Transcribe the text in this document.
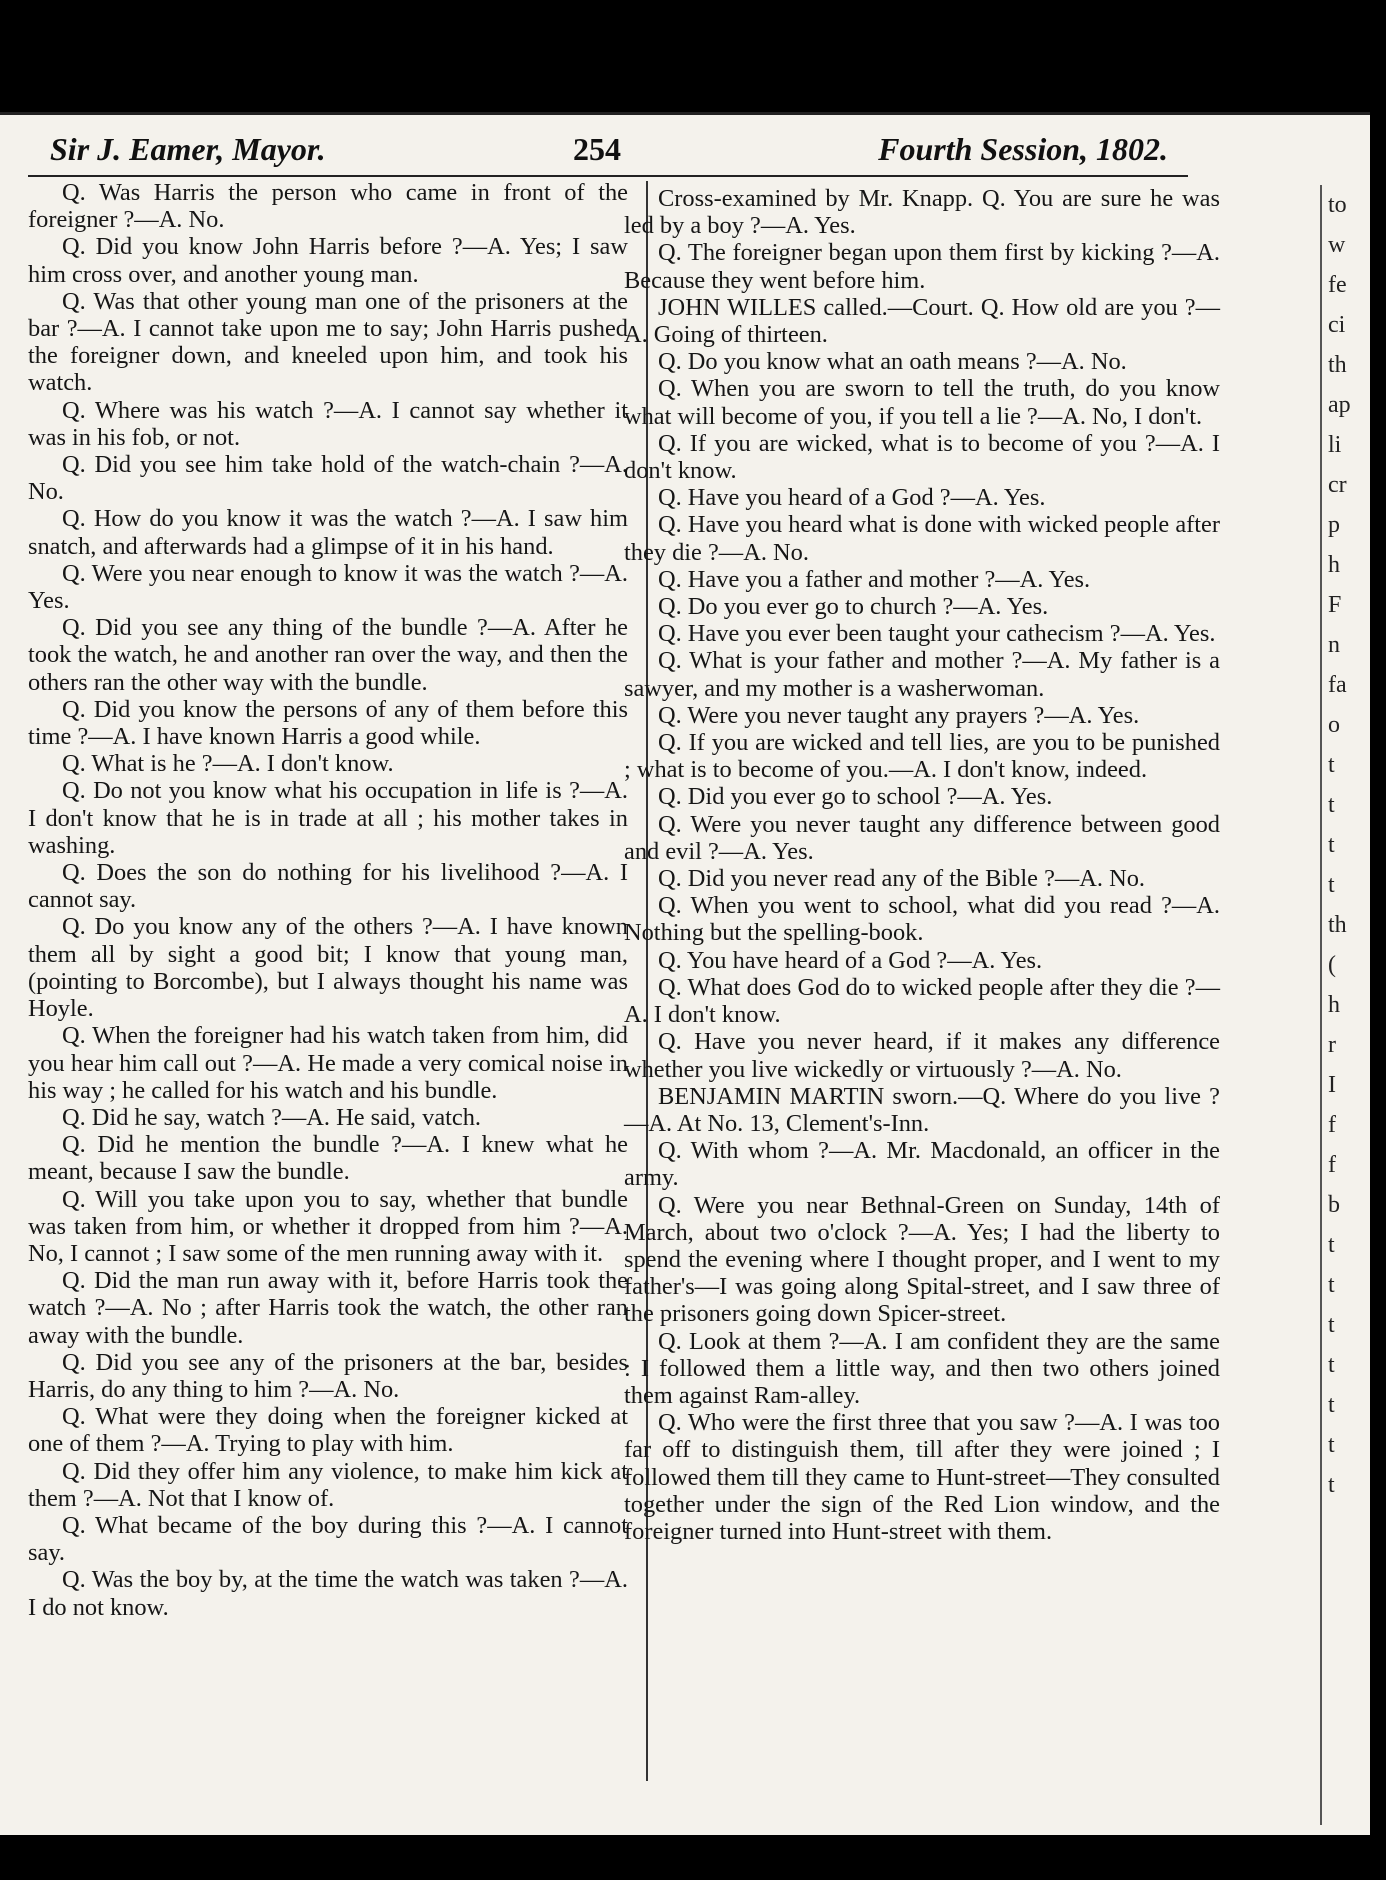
Sir J. Eamer, Mayor.	254	Fourth Session, 1802.

Q. Was Harris the person who came in front of the foreigner ?—A. No.

Q. Did you know John Harris before ?—A. Yes; I saw him cross over, and another young man.

Q. Was that other young man one of the prisoners at the bar ?—A. I cannot take upon me to say; John Harris pushed the foreigner down, and kneeled upon him, and took his watch.

Q. Where was his watch ?—A. I cannot say whether it was in his fob, or not.

Q. Did you see him take hold of the watch-chain ?—A. No.

Q. How do you know it was the watch ?—A. I saw him snatch, and afterwards had a glimpse of it in his hand.

Q. Were you near enough to know it was the watch ?—A. Yes.

Q. Did you see any thing of the bundle ?—A. After he took the watch, he and another ran over the way, and then the others ran the other way with the bundle.

Q. Did you know the persons of any of them before this time ?—A. I have known Harris a good while.

Q. What is he ?—A. I don't know.

Q. Do not you know what his occupation in life is ?—A. I don't know that he is in trade at all ; his mother takes in washing.

Q. Does the son do nothing for his livelihood ?—A. I cannot say.

Q. Do you know any of the others ?—A. I have known them all by sight a good bit; I know that young man, (pointing to Borcombe), but I always thought his name was Hoyle.

Q. When the foreigner had his watch taken from him, did you hear him call out ?—A. He made a very comical noise in his way ; he called for his watch and his bundle.

Q. Did he say, watch ?—A. He said, vatch.

Q. Did he mention the bundle ?—A. I knew what he meant, because I saw the bundle.

Q. Will you take upon you to say, whether that bundle was taken from him, or whether it dropped from him ?—A. No, I cannot ; I saw some of the men running away with it.

Q. Did the man run away with it, before Harris took the watch ?—A. No ; after Harris took the watch, the other ran away with the bundle.

Q. Did you see any of the prisoners at the bar, besides Harris, do any thing to him ?—A. No.

Q. What were they doing when the foreigner kicked at one of them ?—A. Trying to play with him.

Q. Did they offer him any violence, to make him kick at them ?—A. Not that I know of.

Q. What became of the boy during this ?—A. I cannot say.

Q. Was the boy by, at the time the watch was taken ?—A. I do not know.

Cross-examined by Mr. Knapp. Q. You are sure he was led by a boy ?—A. Yes.

Q. The foreigner began upon them first by kicking ?—A. Because they went before him.

JOHN WILLES called.—Court. Q. How old are you ?—A. Going of thirteen.

Q. Do you know what an oath means ?—A. No.

Q. When you are sworn to tell the truth, do you know what will become of you, if you tell a lie ?—A. No, I don't.

Q. If you are wicked, what is to become of you ?—A. I don't know.

Q. Have you heard of a God ?—A. Yes.

Q. Have you heard what is done with wicked people after they die ?—A. No.

Q. Have you a father and mother ?—A. Yes.

Q. Do you ever go to church ?—A. Yes.

Q. Have you ever been taught your cathecism ?—A. Yes.

Q. What is your father and mother ?—A. My father is a sawyer, and my mother is a washerwoman.

Q. Were you never taught any prayers ?—A. Yes.

Q. If you are wicked and tell lies, are you to be punished ; what is to become of you.—A. I don't know, indeed.

Q. Did you ever go to school ?—A. Yes.

Q. Were you never taught any difference between good and evil ?—A. Yes.

Q. Did you never read any of the Bible ?—A. No.

Q. When you went to school, what did you read ?—A. Nothing but the spelling-book.

Q. You have heard of a God ?—A. Yes.

Q. What does God do to wicked people after they die ?—A. I don't know.

Q. Have you never heard, if it makes any difference whether you live wickedly or virtuously ?—A. No.

BENJAMIN MARTIN sworn.—Q. Where do you live ?—A. At No. 13, Clement's-Inn.

Q. With whom ?—A. Mr. Macdonald, an officer in the army.

Q. Were you near Bethnal-Green on Sunday, 14th of March, about two o'clock ?—A. Yes; I had the liberty to spend the evening where I thought proper, and I went to my father's—I was going along Spital-street, and I saw three of the prisoners going down Spicer-street.

Q. Look at them ?—A. I am confident they are the same : I followed them a little way, and then two others joined them against Ram-alley.

Q. Who were the first three that you saw ?—A. I was too far off to distinguish them, till after they were joined ; I followed them till they came to Hunt-street—They consulted together under the sign of the Red Lion window, and the foreigner turned into Hunt-street with them.

to
w
fe
ci
th
ap
li
cr
p
h
F
n
fa
o
t
t
t
t
th
(
h
r
I
f
f
b
t
t
t
t
t
t
t
